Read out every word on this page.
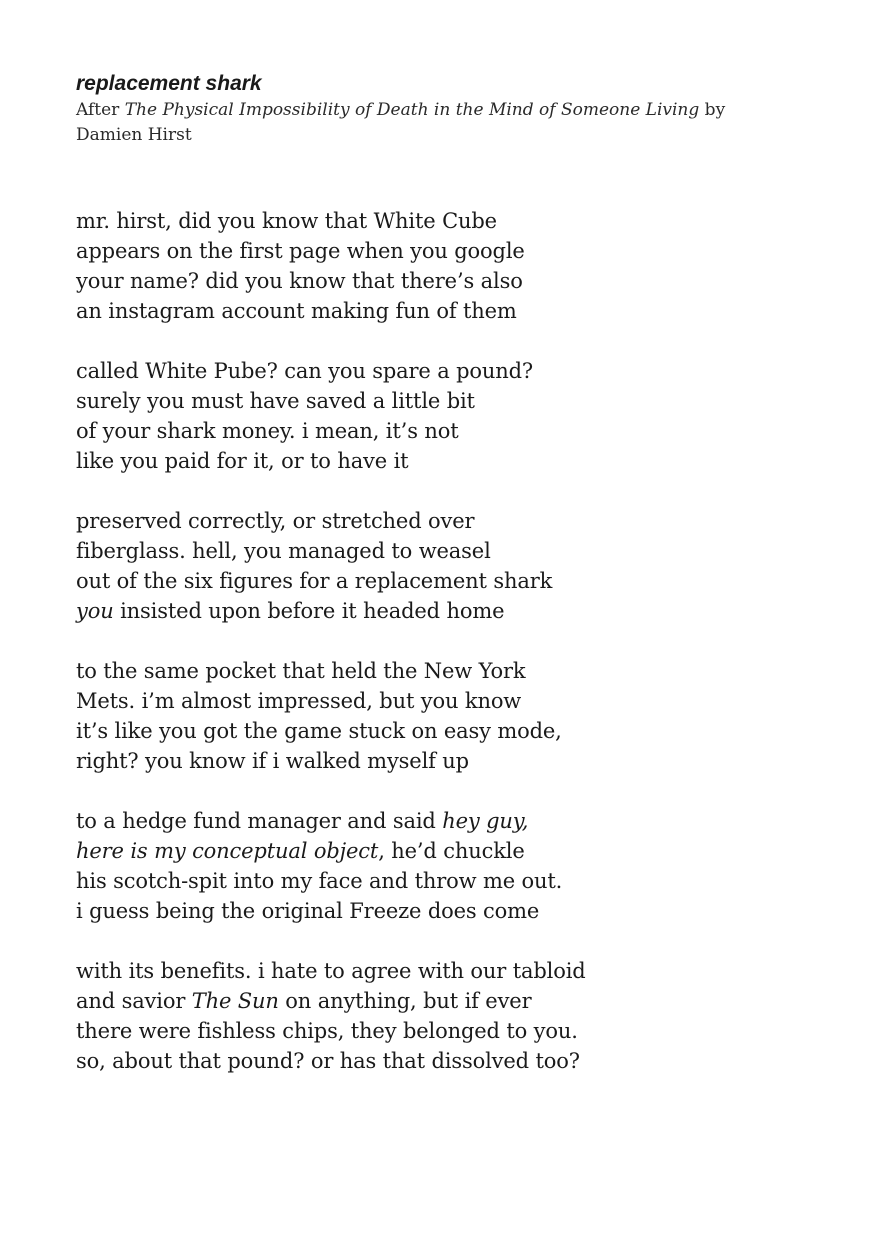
replacement shark

After The Physical Impossibility of Death in the Mind of Someone Living by
Damien Hirst

mr. hirst, did you know that White Cube
appears on the first page when you google
your name? did you know that there’s also
an instagram account making fun of them
called White Pube? can you spare a pound?
surely you must have saved a little bit
of your shark money. i mean, it’s not
like you paid for it, or to have it
preserved correctly, or stretched over
fiberglass. hell, you managed to weasel
out of the six figures for a replacement shark
you insisted upon before it headed home
to the same pocket that held the New York
Mets. i’m almost impressed, but you know
it’s like you got the game stuck on easy mode,
right? you know if i walked myself up
to a hedge fund manager and said hey guy,
here is my conceptual object, he’d chuckle
his scotch-spit into my face and throw me out.
i guess being the original Freeze does come
with its benefits. i hate to agree with our tabloid
and savior The Sun on anything, but if ever
there were fishless chips, they belonged to you.
so, about that pound? or has that dissolved too?
